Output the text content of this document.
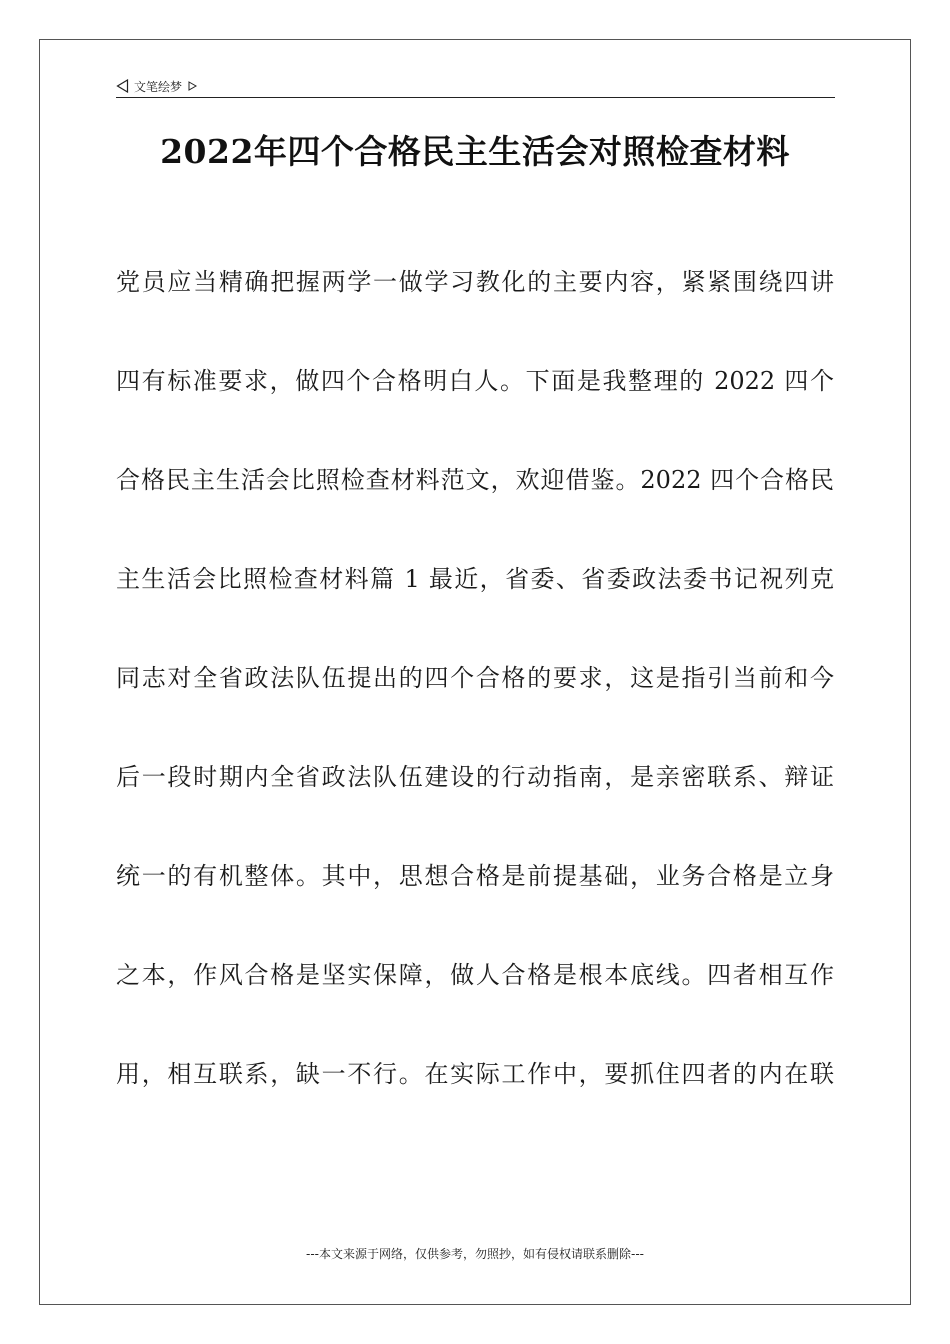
文笔绘梦
2022年四个合格民主生活会对照检查材料
党员应当精确把握两学一做学习教化的主要内容，紧紧围绕四讲
四有标准要求，做四个合格明白人。下面是我整理的 2022 四个
合格民主生活会比照检查材料范文，欢迎借鉴。2022 四个合格民
主生活会比照检查材料篇 1 最近，省委、省委政法委书记祝列克
同志对全省政法队伍提出的四个合格的要求，这是指引当前和今
后一段时期内全省政法队伍建设的行动指南，是亲密联系、辩证
统一的有机整体。其中，思想合格是前提基础，业务合格是立身
之本，作风合格是坚实保障，做人合格是根本底线。四者相互作
用，相互联系，缺一不行。在实际工作中，要抓住四者的内在联
---本文来源于网络，仅供参考，勿照抄，如有侵权请联系删除---
